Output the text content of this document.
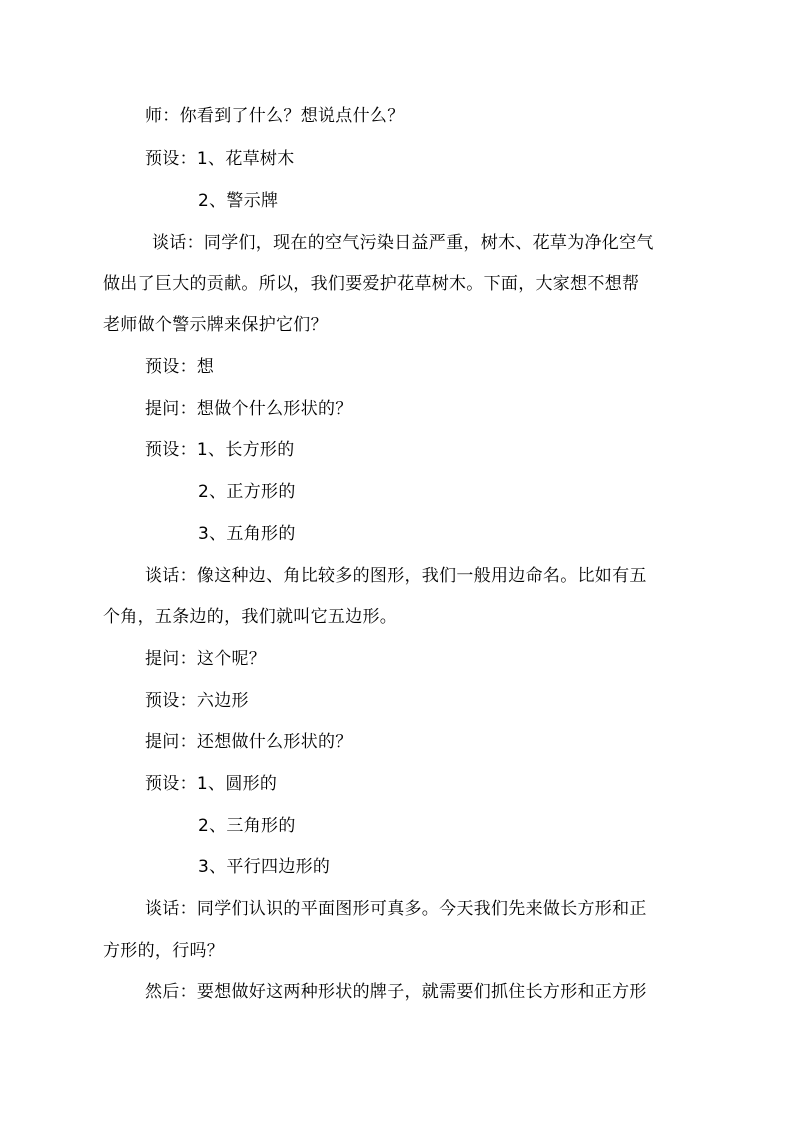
师：你看到了什么？想说点什么？
预设：1、花草树木
2、警示牌
谈话：同学们，现在的空气污染日益严重，树木、花草为净化空气
做出了巨大的贡献。所以，我们要爱护花草树木。下面，大家想不想帮
老师做个警示牌来保护它们？
预设：想
提问：想做个什么形状的？
预设：1、长方形的
2、正方形的
3、五角形的
谈话：像这种边、角比较多的图形，我们一般用边命名。比如有五
个角，五条边的，我们就叫它五边形。
提问：这个呢？
预设：六边形
提问：还想做什么形状的？
预设：1、圆形的
2、三角形的
3、平行四边形的
谈话：同学们认识的平面图形可真多。今天我们先来做长方形和正
方形的，行吗？
然后：要想做好这两种形状的牌子，就需要们抓住长方形和正方形
